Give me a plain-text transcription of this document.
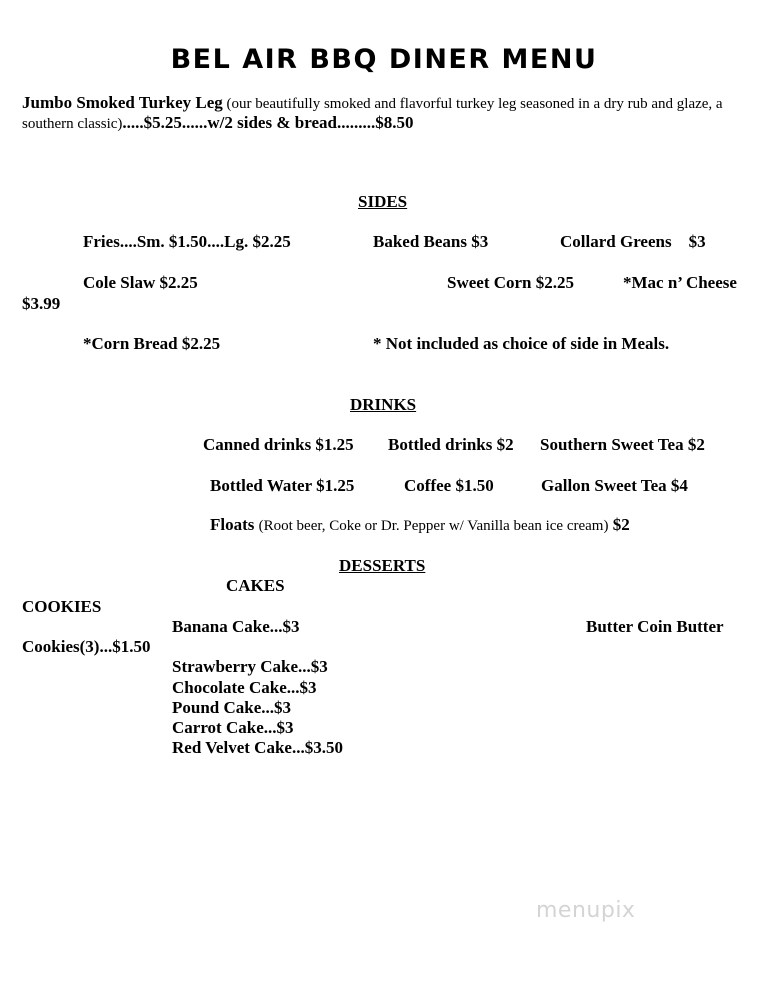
BEL AIR BBQ DINER MENU
Jumbo Smoked Turkey Leg (our beautifully smoked and flavorful turkey leg seasoned in a dry rub and glaze, a
southern classic).....$5.25......w/2 sides & bread.........$8.50
SIDES
Fries....Sm. $1.50....Lg. $2.25	Baked Beans $3	Collard Greens    $3
Cole Slaw $2.25	Sweet Corn $2.25	*Mac n’ Cheese
$3.99
*Corn Bread $2.25	* Not included as choice of side in Meals.
DRINKS
Canned drinks $1.25 Bottled drinks $2 Southern Sweet Tea $2
Bottled Water $1.25	Coffee $1.50	Gallon Sweet Tea $4
Floats (Root beer, Coke or Dr. Pepper w/ Vanilla bean ice cream) $2
DESSERTS
CAKES
COOKIES
Banana Cake...$3	Butter Coin Butter
Cookies(3)...$1.50
Strawberry Cake...$3
Chocolate Cake...$3
Pound Cake...$3
Carrot Cake...$3
Red Velvet Cake...$3.50
menupix
